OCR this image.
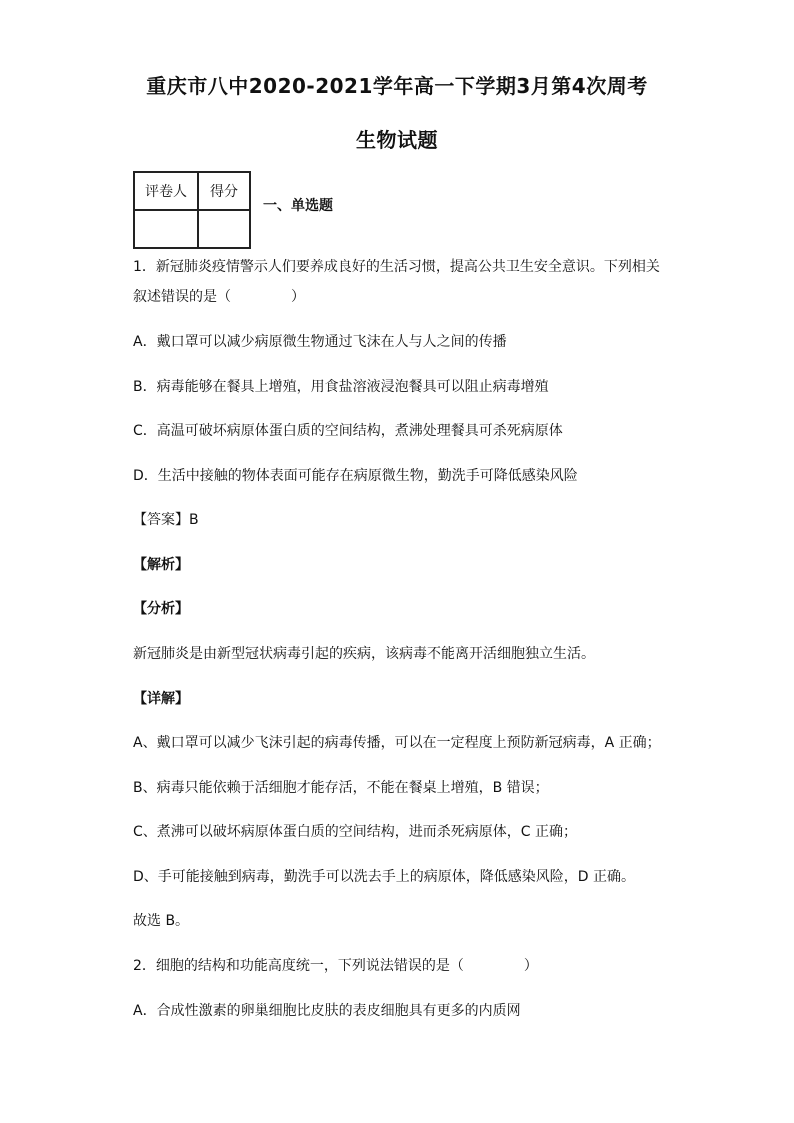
重庆市八中2020-2021学年高一下学期3月第4次周考
生物试题
评卷人	得分

一、单选题
1．新冠肺炎疫情警示人们要养成良好的生活习惯，提高公共卫生安全意识。下列相关
叙述错误的是（	）
A．戴口罩可以减少病原微生物通过飞沫在人与人之间的传播
B．病毒能够在餐具上增殖，用食盐溶液浸泡餐具可以阻止病毒增殖
C．高温可破坏病原体蛋白质的空间结构，煮沸处理餐具可杀死病原体
D．生活中接触的物体表面可能存在病原微生物，勤洗手可降低感染风险
【答案】B
【解析】
【分析】
新冠肺炎是由新型冠状病毒引起的疾病，该病毒不能离开活细胞独立生活。
【详解】
A、戴口罩可以减少飞沫引起的病毒传播，可以在一定程度上预防新冠病毒，A 正确；
B、病毒只能依赖于活细胞才能存活，不能在餐桌上增殖，B 错误；
C、煮沸可以破坏病原体蛋白质的空间结构，进而杀死病原体，C 正确；
D、手可能接触到病毒，勤洗手可以洗去手上的病原体，降低感染风险，D 正确。
故选 B。
2．细胞的结构和功能高度统一，下列说法错误的是（	）
A．合成性激素的卵巢细胞比皮肤的表皮细胞具有更多的内质网
